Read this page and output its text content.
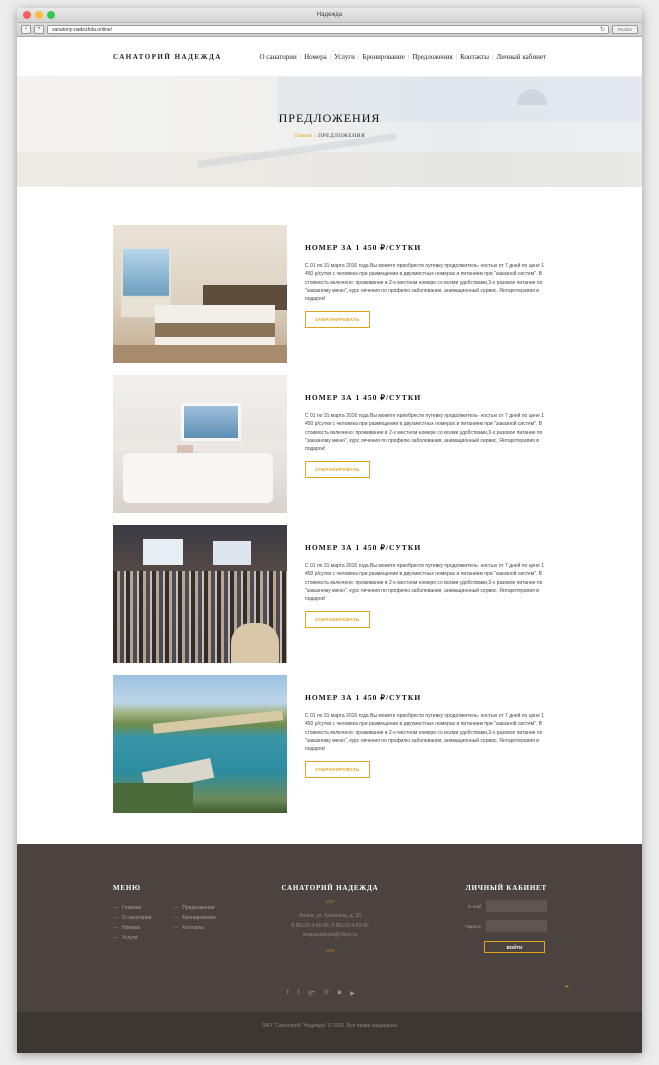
Надежда
‹	+	sanatoriy-nadezhda.online/	↻	Reader
САНАТОРИЙ НАДЕЖДА	О санатории | Номера | Услуги | Бронирование | Предложения | Контакты | Личный кабинет
ПРЕДЛОЖЕНИЯ
Главная › ПРЕДЛОЖЕНИЯ
НОМЕР ЗА 1 450 ₽/СУТКИ

С 01 по 31 марта 2016 года Вы можете приобрести путевку продолжитель- ностью от 7 дней по цене 1 450 р/сутки с человека при размещении в двухместных номерах и питанием при "заказной систем". В стоимость включено: проживание в 2-х местном номере со всеми удобствами,3-х разовое питание по "заказному меню", курс лечения по профилю заболевания, анимационный сервис, Янтаротерапия в подарок!

ЗАБРОНИРОВАТЬ
НОМЕР ЗА 1 450 ₽/СУТКИ

С 01 по 31 марта 2016 года Вы можете приобрести путевку продолжитель- ностью от 7 дней по цене 1 450 р/сутки с человека при размещении в двухместных номерах и питанием при "заказной систем". В стоимость включено: проживание в 2-х местном номере со всеми удобствами,3-х разовое питание по "заказному меню", курс лечения по профилю заболевания, анимационный сервис, Янтаротерапия в подарок!

ЗАБРОНИРОВАТЬ
НОМЕР ЗА 1 450 ₽/СУТКИ

С 01 по 31 марта 2016 года Вы можете приобрести путевку продолжитель- ностью от 7 дней по цене 1 450 р/сутки с человека при размещении в двухместных номерах и питанием при "заказной систем". В стоимость включено: проживание в 2-х местном номере со всеми удобствами,3-х разовое питание по "заказному меню", курс лечения по профилю заболевания, анимационный сервис, Янтаротерапия в подарок!

ЗАБРОНИРОВАТЬ
НОМЕР ЗА 1 450 ₽/СУТКИ

С 01 по 31 марта 2016 года Вы можете приобрести путевку продолжитель- ностью от 7 дней по цене 1 450 р/сутки с человека при размещении в двухместных номерах и питанием при "заказной систем". В стоимость включено: проживание в 2-х местном номере со всеми удобствами,3-х разовое питание по "заказному меню", курс лечения по профилю заболевания, анимационный сервис, Янтаротерапия в подарок!

ЗАБРОНИРОВАТЬ
МЕНЮ
— Главная
— О санатории
— Номера
— Услуги
— Предложения
— Бронирование
— Контакты
САНАТОРИЙ НАДЕЖДА
〰
Анапа, ул. Калинина, д. 30
8-86133-4-60-96, 8-86133-4-63-86
anapanadejda@inbox.ru
〰
f t g+ ℗ ◙ ▶
ЛИЧНЫЙ КАБИНЕТ
E-mail
Пароль
ВОЙТИ
⌃
ЗАО "Санаторий "Надежда" © 2015. Все права защищены
